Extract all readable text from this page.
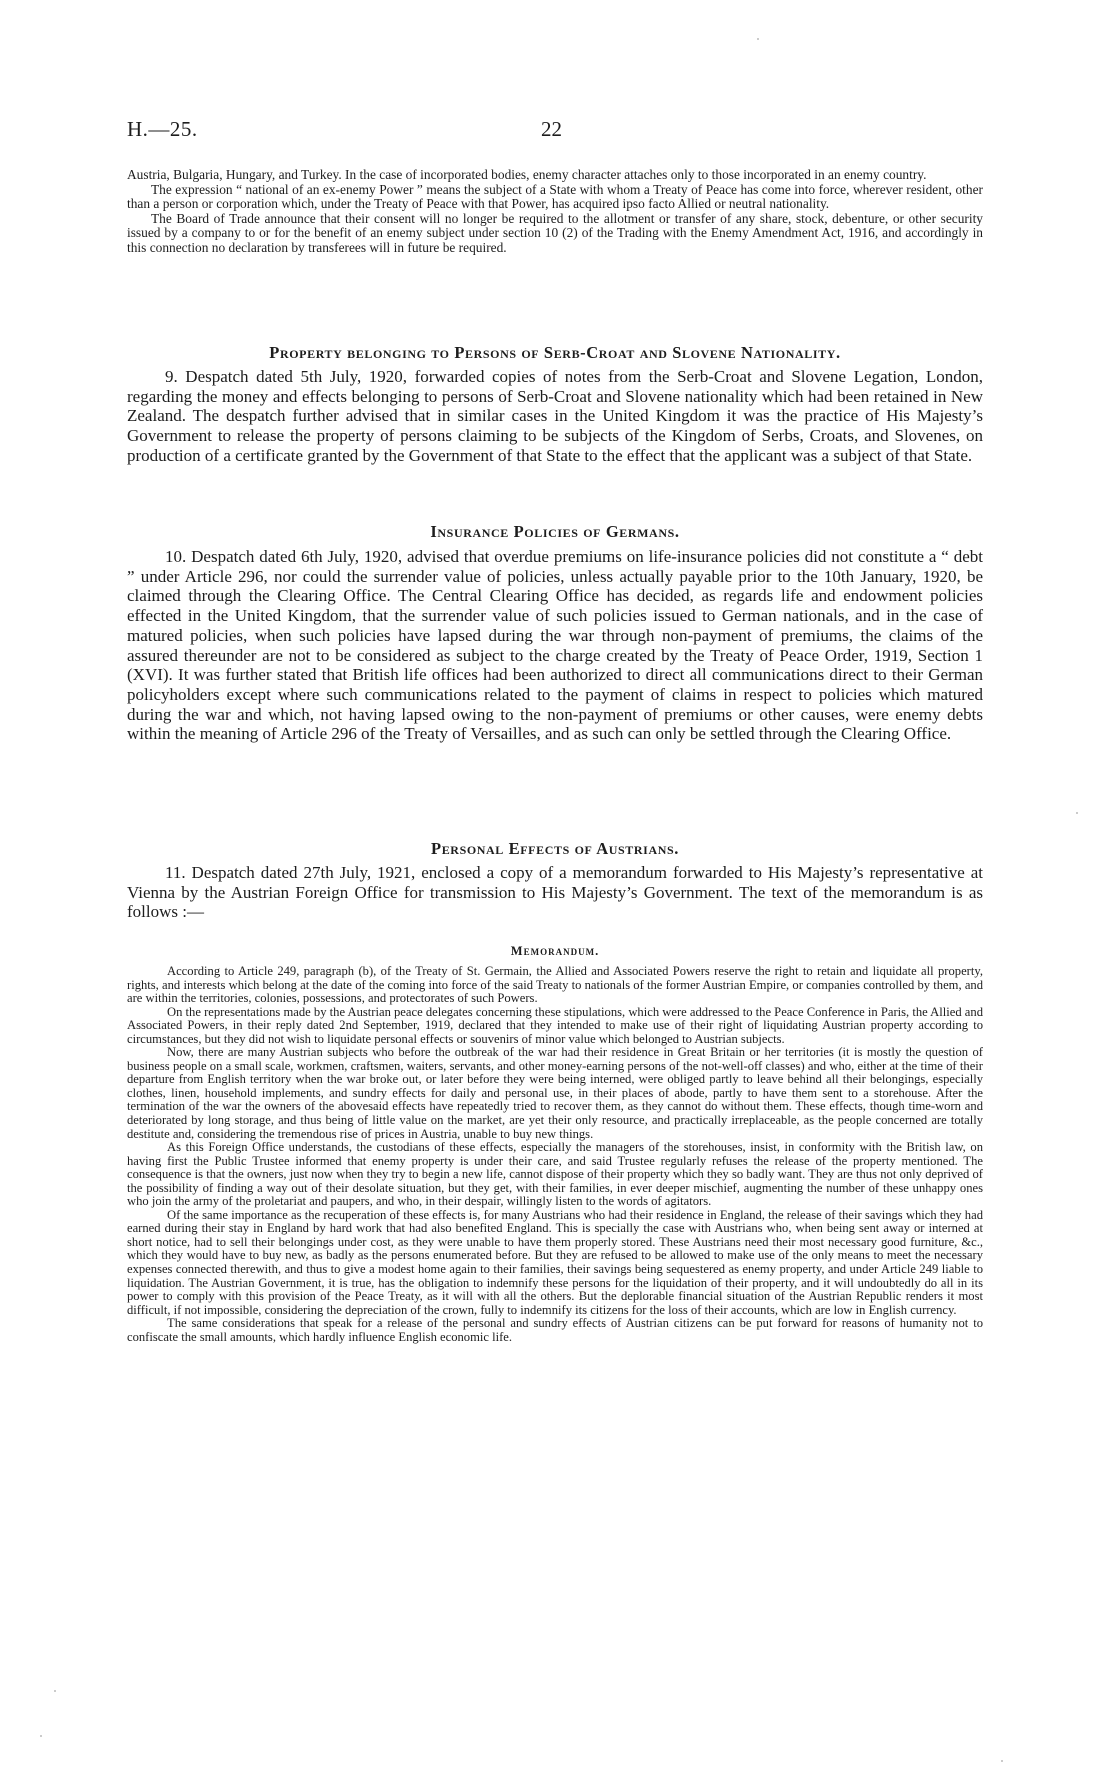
H.—25.	22

Austria, Bulgaria, Hungary, and Turkey. In the case of incorporated bodies, enemy character attaches only to those incorporated in an enemy country.

The expression “ national of an ex-enemy Power ” means the subject of a State with whom a Treaty of Peace has come into force, wherever resident, other than a person or corporation which, under the Treaty of Peace with that Power, has acquired ipso facto Allied or neutral nationality.

The Board of Trade announce that their consent will no longer be required to the allotment or transfer of any share, stock, debenture, or other security issued by a company to or for the benefit of an enemy subject under section 10 (2) of the Trading with the Enemy Amendment Act, 1916, and accordingly in this connection no declaration by transferees will in future be required.

Property belonging to Persons of Serb-Croat and Slovene Nationality.

9. Despatch dated 5th July, 1920, forwarded copies of notes from the Serb-Croat and Slovene Legation, London, regarding the money and effects belonging to persons of Serb-Croat and Slovene nationality which had been retained in New Zealand. The despatch further advised that in similar cases in the United Kingdom it was the practice of His Majesty’s Government to release the property of persons claiming to be subjects of the Kingdom of Serbs, Croats, and Slovenes, on production of a certificate granted by the Government of that State to the effect that the applicant was a subject of that State.

Insurance Policies of Germans.

10. Despatch dated 6th July, 1920, advised that overdue premiums on life-insurance policies did not constitute a “ debt ” under Article 296, nor could the surrender value of policies, unless actually payable prior to the 10th January, 1920, be claimed through the Clearing Office. The Central Clearing Office has decided, as regards life and endowment policies effected in the United Kingdom, that the surrender value of such policies issued to German nationals, and in the case of matured policies, when such policies have lapsed during the war through non-payment of premiums, the claims of the assured thereunder are not to be considered as subject to the charge created by the Treaty of Peace Order, 1919, Section 1 (XVI). It was further stated that British life offices had been authorized to direct all communications direct to their German policyholders except where such communications related to the payment of claims in respect to policies which matured during the war and which, not having lapsed owing to the non-payment of premiums or other causes, were enemy debts within the meaning of Article 296 of the Treaty of Versailles, and as such can only be settled through the Clearing Office.

Personal Effects of Austrians.

11. Despatch dated 27th July, 1921, enclosed a copy of a memorandum forwarded to His Majesty’s representative at Vienna by the Austrian Foreign Office for transmission to His Majesty’s Government. The text of the memorandum is as follows :—

Memorandum.

According to Article 249, paragraph (b), of the Treaty of St. Germain, the Allied and Associated Powers reserve the right to retain and liquidate all property, rights, and interests which belong at the date of the coming into force of the said Treaty to nationals of the former Austrian Empire, or companies controlled by them, and are within the territories, colonies, possessions, and protectorates of such Powers.

On the representations made by the Austrian peace delegates concerning these stipulations, which were addressed to the Peace Conference in Paris, the Allied and Associated Powers, in their reply dated 2nd September, 1919, declared that they intended to make use of their right of liquidating Austrian property according to circumstances, but they did not wish to liquidate personal effects or souvenirs of minor value which belonged to Austrian subjects.

Now, there are many Austrian subjects who before the outbreak of the war had their residence in Great Britain or her territories (it is mostly the question of business people on a small scale, workmen, craftsmen, waiters, servants, and other money-earning persons of the not-well-off classes) and who, either at the time of their departure from English territory when the war broke out, or later before they were being interned, were obliged partly to leave behind all their belongings, especially clothes, linen, household implements, and sundry effects for daily and personal use, in their places of abode, partly to have them sent to a storehouse. After the termination of the war the owners of the abovesaid effects have repeatedly tried to recover them, as they cannot do without them. These effects, though time-worn and deteriorated by long storage, and thus being of little value on the market, are yet their only resource, and practically irreplaceable, as the people concerned are totally destitute and, considering the tremendous rise of prices in Austria, unable to buy new things.

As this Foreign Office understands, the custodians of these effects, especially the managers of the storehouses, insist, in conformity with the British law, on having first the Public Trustee informed that enemy property is under their care, and said Trustee regularly refuses the release of the property mentioned. The consequence is that the owners, just now when they try to begin a new life, cannot dispose of their property which they so badly want. They are thus not only deprived of the possibility of finding a way out of their desolate situation, but they get, with their families, in ever deeper mischief, augmenting the number of these unhappy ones who join the army of the proletariat and paupers, and who, in their despair, willingly listen to the words of agitators.

Of the same importance as the recuperation of these effects is, for many Austrians who had their residence in England, the release of their savings which they had earned during their stay in England by hard work that had also benefited England. This is specially the case with Austrians who, when being sent away or interned at short notice, had to sell their belongings under cost, as they were unable to have them properly stored. These Austrians need their most necessary good furniture, &c., which they would have to buy new, as badly as the persons enumerated before. But they are refused to be allowed to make use of the only means to meet the necessary expenses connected therewith, and thus to give a modest home again to their families, their savings being sequestered as enemy property, and under Article 249 liable to liquidation. The Austrian Government, it is true, has the obligation to indemnify these persons for the liquidation of their property, and it will undoubtedly do all in its power to comply with this provision of the Peace Treaty, as it will with all the others. But the deplorable financial situation of the Austrian Republic renders it most difficult, if not impossible, considering the depreciation of the crown, fully to indemnify its citizens for the loss of their accounts, which are low in English currency.

The same considerations that speak for a release of the personal and sundry effects of Austrian citizens can be put forward for reasons of humanity not to confiscate the small amounts, which hardly influence English economic life.
